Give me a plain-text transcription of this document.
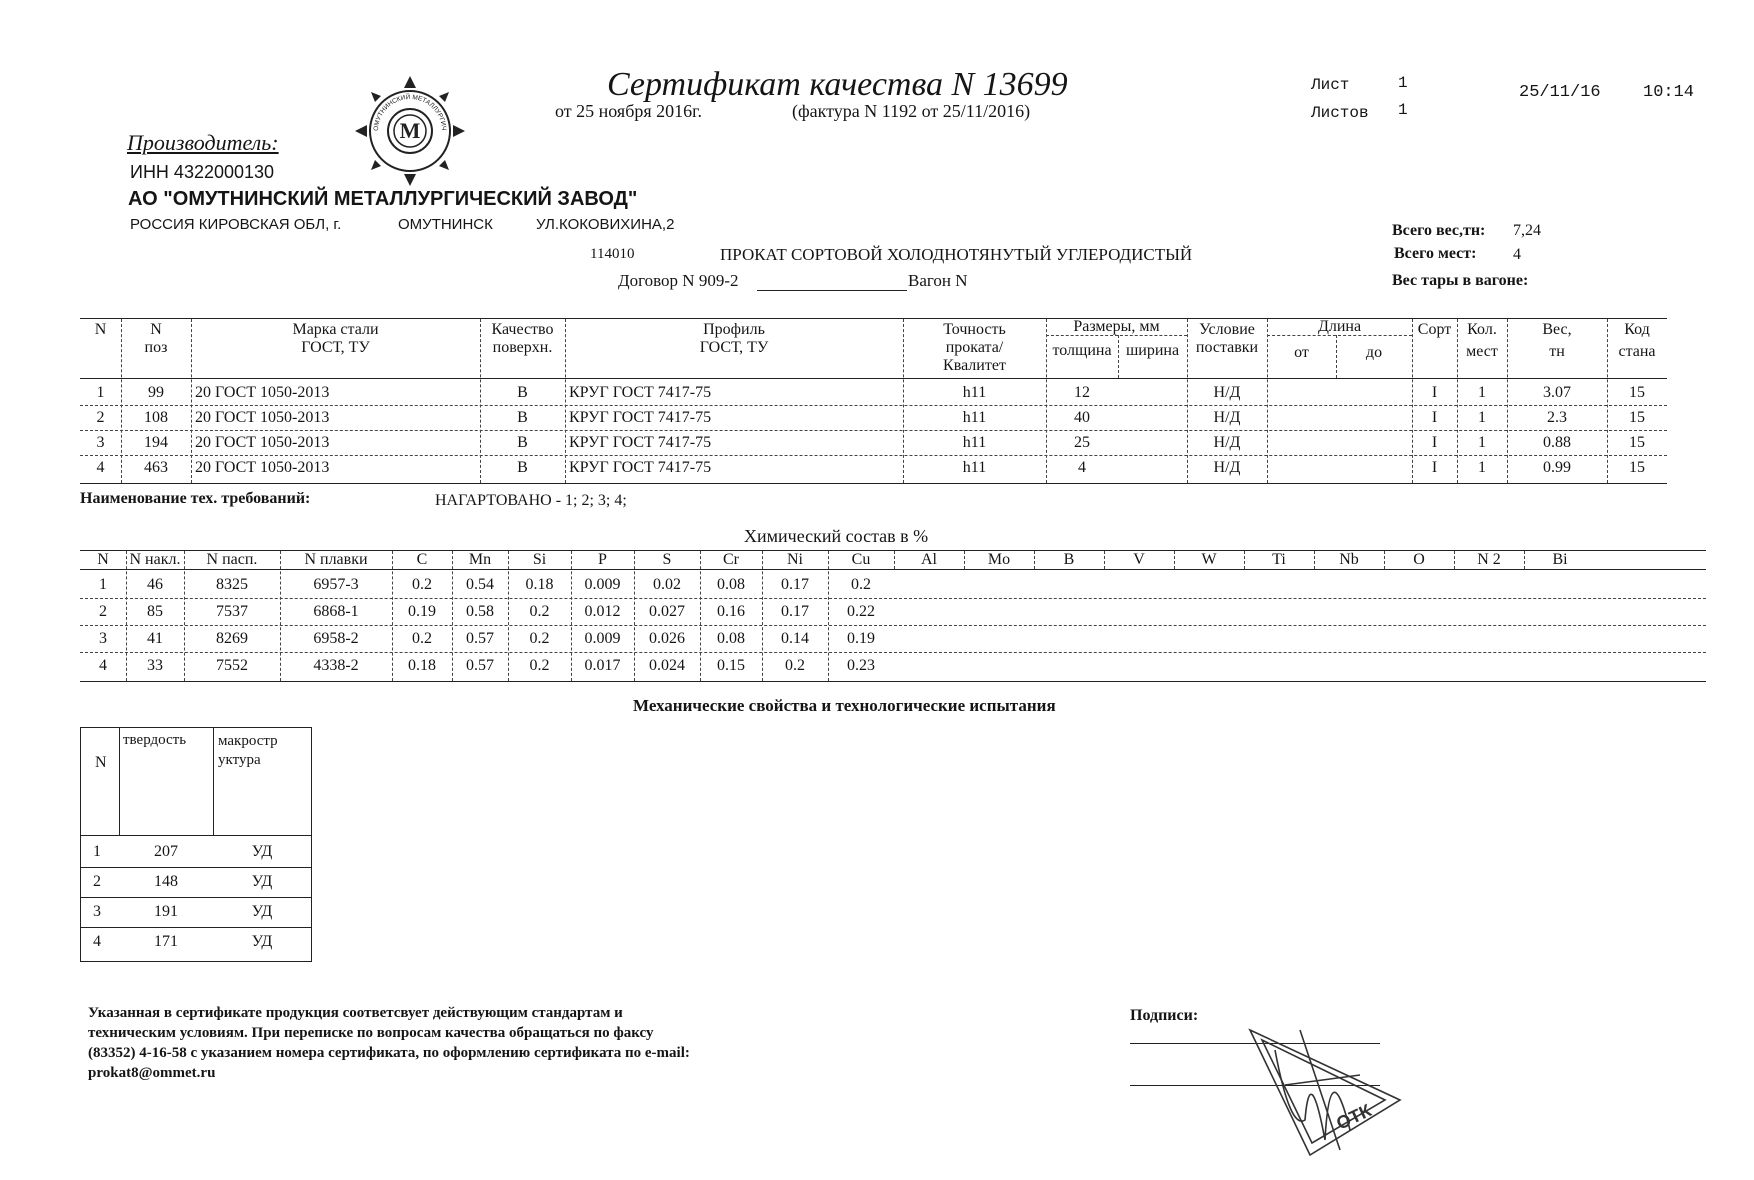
М
ОМУТНИНСКИЙ МЕТАЛЛУРГИЧ
Сертификат качества N 13699
от 25 ноября 2016г.	(фактура N 1192 от 25/11/2016)
Лист	1
Листов 1
25/11/16 10:14
Производитель:
ИНН 4322000130
АО "ОМУТНИНСКИЙ МЕТАЛЛУРГИЧЕСКИЙ ЗАВОД"
РОССИЯ КИРОВСКАЯ ОБЛ, г.	ОМУТНИНСК	УЛ.КОКОВИХИНА,2	Всего вес,тн: 7,24
Всего мест: 4
Вес тары в вагоне:
114010	ПРОКАТ СОРТОВОЙ ХОЛОДНОТЯНУТЫЙ УГЛЕРОДИСТЫЙ
Договор N 909-2	Вагон N
N	N
поз
Марка стали
ГОСТ, ТУ
Качество
поверхн.
Профиль
ГОСТ, ТУ
Точность
проката/
Квалитет
Размеры, мм
толщина ширина
Условие
поставки
Длина
от	до
Сорт Кол.
мест
Вес,
тн
Код
стана
1	99	20 ГОСТ 1050-2013	В	КРУГ ГОСТ 7417-75	h11	12	Н/Д	I	1	3.07	15
2	108	20 ГОСТ 1050-2013	В	КРУГ ГОСТ 7417-75	h11	40	Н/Д	I	1	2.3	15
3	194	20 ГОСТ 1050-2013	В	КРУГ ГОСТ 7417-75	h11	25	Н/Д	I	1	0.88	15
4	463	20 ГОСТ 1050-2013	В	КРУГ ГОСТ 7417-75	h11	4	Н/Д	I	1	0.99	15
Наименование тех. требований:	НАГАРТОВАНО - 1; 2; 3; 4;
Химический состав в %
N	N накл.	N пасп.	N плавки	C	Mn	Si	P	S	Cr	Ni	Cu	Al	Mo	B	V	W	Ti	Nb	O	N 2	Bi
1	46	8325	6957-3	0.2	0.54	0.18	0.009	0.02	0.08	0.17	0.2
2	85	7537	6868-1	0.19	0.58	0.2	0.012	0.027	0.16	0.17	0.22
3	41	8269	6958-2	0.2	0.57	0.2	0.009	0.026	0.08	0.14	0.19
4	33	7552	4338-2	0.18	0.57	0.2	0.017	0.024	0.15	0.2	0.23
Механические свойства и технологические испытания
N
твердость макростр
уктура
1	207	УД
2	148	УД
3	191	УД
4	171	УД
Указанная в сертификате продукция соответсвует действующим стандартам и
техническим условиям. При переписке по вопросам качества обращаться по факсу
(83352) 4-16-58 с указанием номера сертификата, по оформлению сертификата по e-mail:
prokat8@ommet.ru
Подписи:
ОТК
